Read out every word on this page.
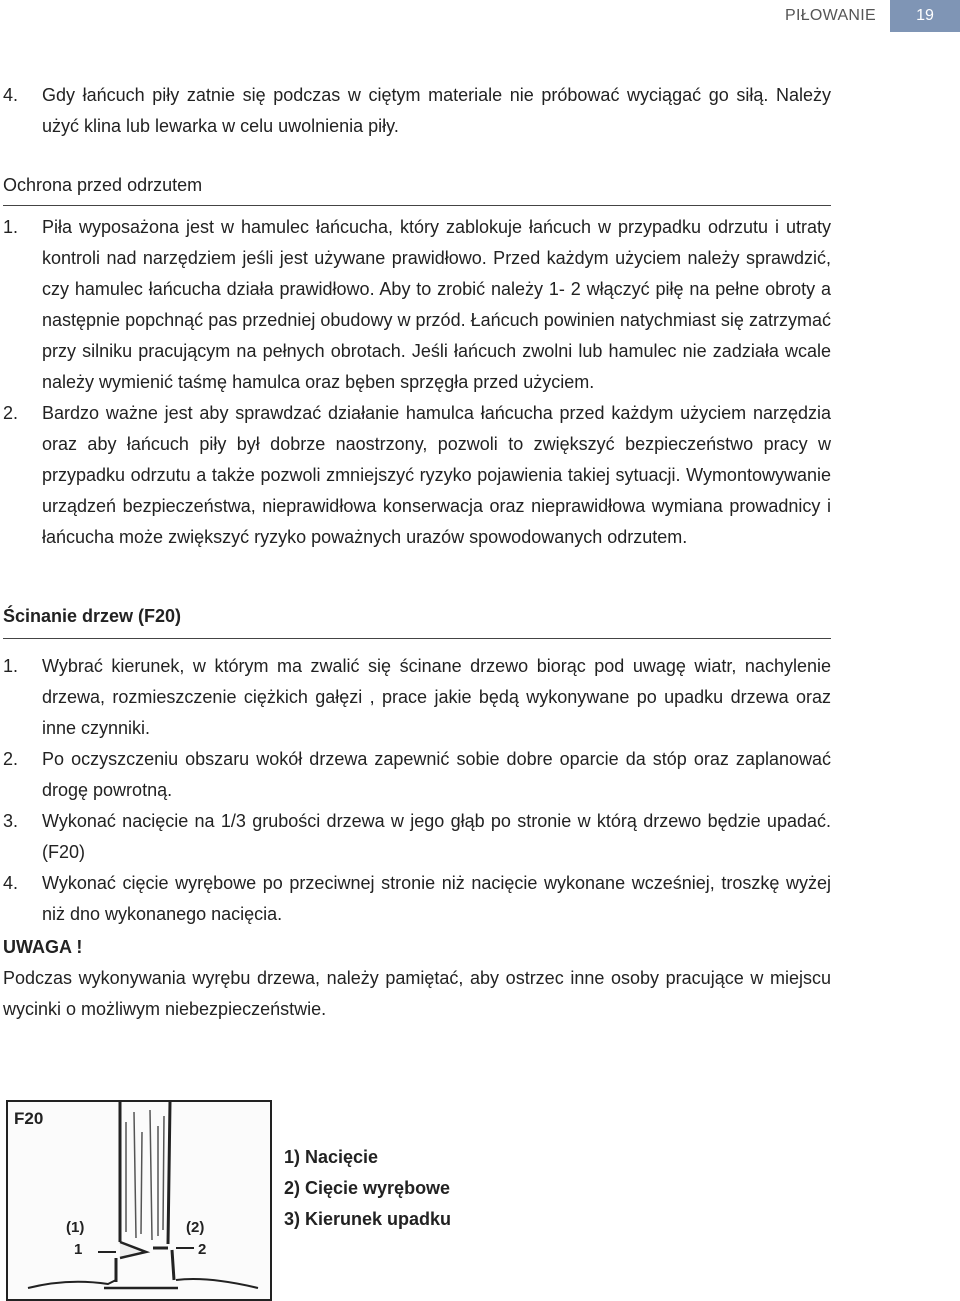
PIŁOWANIE	19
4.	Gdy łańcuch piły zatnie się podczas w ciętym materiale nie próbować wyciągać go siłą. Należy użyć klina lub lewarka w celu uwolnienia piły.

Ochrona przed odrzutem
1.	Piła wyposażona jest w hamulec łańcucha, który zablokuje łańcuch w przypadku odrzutu i utraty kontroli nad narzędziem jeśli jest używane prawidłowo. Przed każdym użyciem należy sprawdzić, czy hamulec łańcucha działa prawidłowo. Aby to zrobić należy 1- 2 włączyć piłę na pełne obroty a następnie popchnąć pas przedniej obudowy w przód. Łańcuch powinien natychmiast się zatrzymać przy silniku pracującym na pełnych obrotach. Jeśli łańcuch zwolni lub hamulec nie zadziała wcale należy wymienić taśmę hamulca oraz bęben sprzęgła przed użyciem.

2.	Bardzo ważne jest aby sprawdzać działanie hamulca łańcucha przed każdym użyciem narzędzia oraz aby łańcuch piły był dobrze naostrzony, pozwoli to zwiększyć bezpieczeństwo pracy w przypadku odrzutu a także pozwoli zmniejszyć ryzyko pojawienia takiej sytuacji. Wymontowywanie urządzeń bezpieczeństwa, nieprawidłowa konserwacja oraz nieprawidłowa wymiana prowadnicy i łańcucha może zwiększyć ryzyko poważnych urazów spowodowanych odrzutem.

Ścinanie drzew (F20)
1.	Wybrać kierunek, w którym ma zwalić się ścinane drzewo biorąc pod uwagę wiatr, nachylenie drzewa, rozmieszczenie ciężkich gałęzi , prace jakie będą wykonywane po upadku drzewa oraz inne czynniki.

2.	Po oczyszczeniu obszaru wokół drzewa zapewnić sobie dobre oparcie da stóp oraz zaplanować drogę powrotną.

3.	Wykonać nacięcie na 1/3 grubości drzewa w jego głąb po stronie w którą drzewo będzie upadać. (F20)

4.	Wykonać cięcie wyrębowe po przeciwnej stronie niż nacięcie wykonane wcześniej, troszkę wyżej niż dno wykonanego nacięcia.

UWAGA !

Podczas wykonywania wyrębu drzewa, należy pamiętać, aby ostrzec inne osoby pracujące w miejscu wycinki o możliwym niebezpieczeństwie.

F20
(1)
1
(2)
2
1) Nacięcie
2) Cięcie wyrębowe
3) Kierunek upadku
